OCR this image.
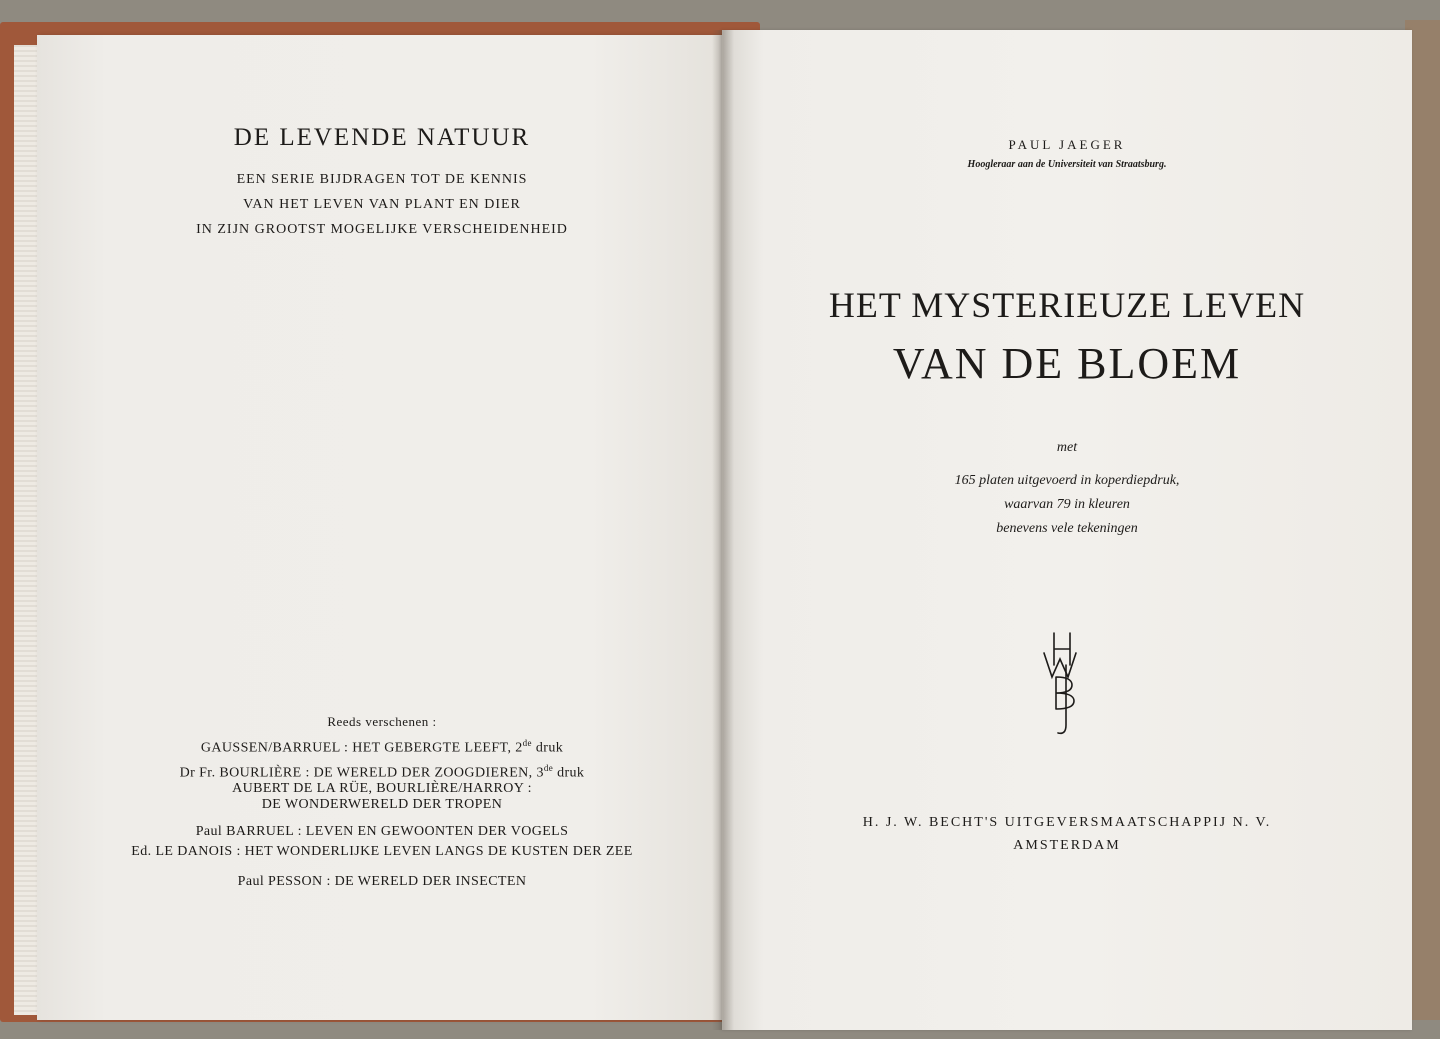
DE LEVENDE NATUUR
EEN SERIE BIJDRAGEN TOT DE KENNIS
VAN HET LEVEN VAN PLANT EN DIER
IN ZIJN GROOTST MOGELIJKE VERSCHEIDENHEID
Reeds verschenen :
GAUSSEN/BARRUEL : HET GEBERGTE LEEFT, 2de druk
Dr Fr. BOURLIÈRE : DE WERELD DER ZOOGDIEREN, 3de druk
AUBERT DE LA RÜE, BOURLIÈRE/HARROY :
DE WONDERWERELD DER TROPEN
Paul BARRUEL : LEVEN EN GEWOONTEN DER VOGELS
Ed. LE DANOIS : HET WONDERLIJKE LEVEN LANGS DE KUSTEN DER ZEE
Paul PESSON : DE WERELD DER INSECTEN
PAUL JAEGER
Hoogleraar aan de Universiteit van Straatsburg.
HET MYSTERIEUZE LEVEN
VAN DE BLOEM
met
165 platen uitgevoerd in koperdiepdruk,
waarvan 79 in kleuren
benevens vele tekeningen
H. J. W. BECHT'S UITGEVERSMAATSCHAPPIJ N. V.
AMSTERDAM
